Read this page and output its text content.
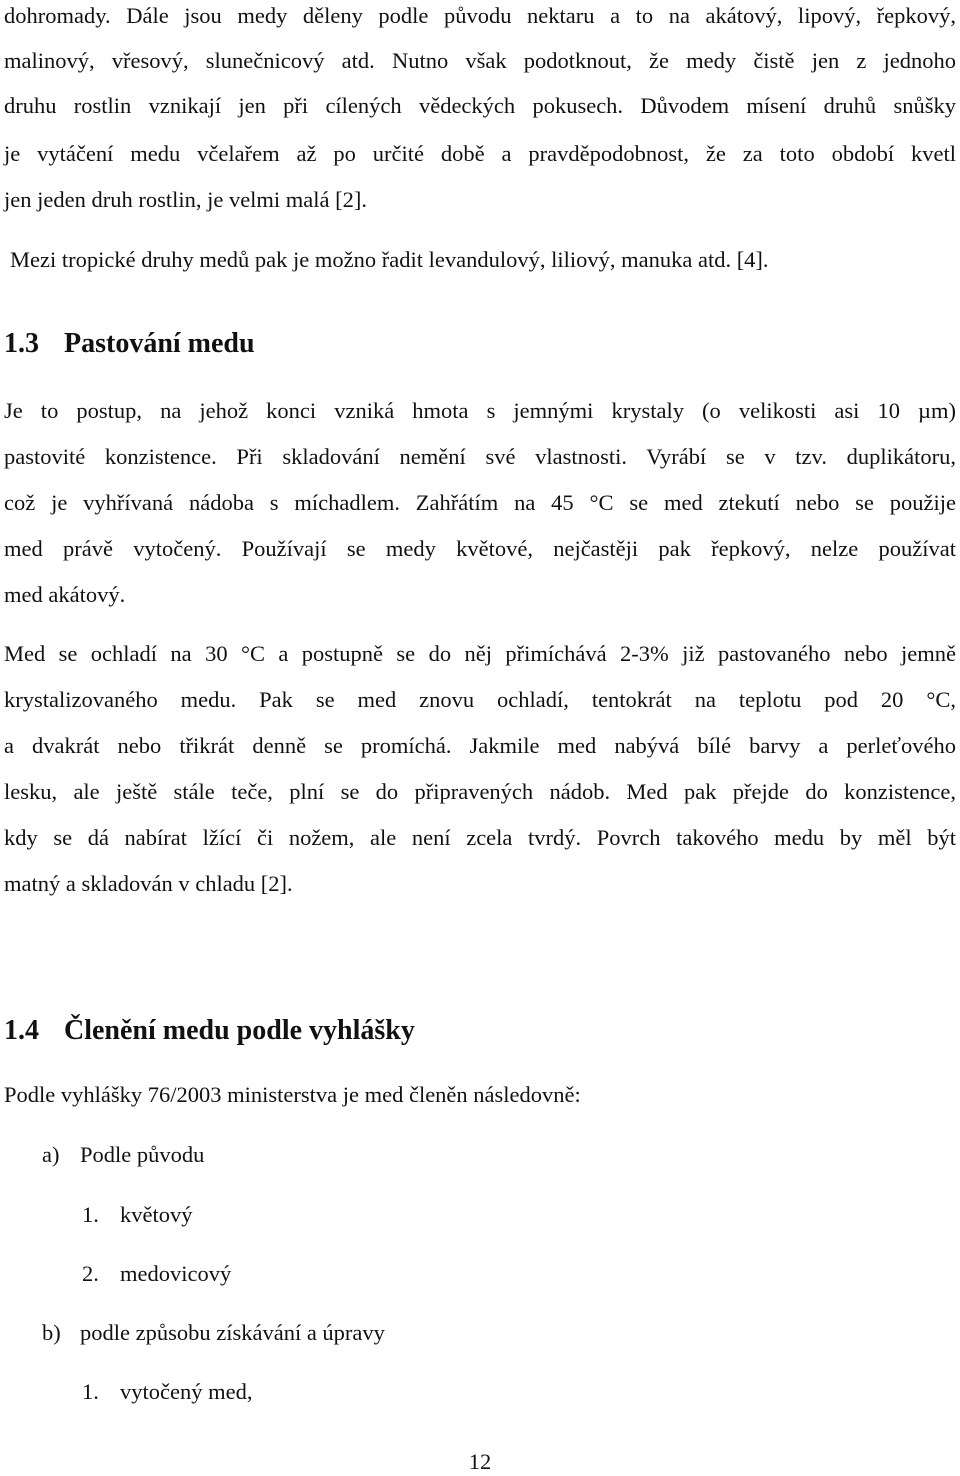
dohromady. Dále jsou medy děleny podle původu nektaru a to na akátový, lipový, řepkový,
malinový, vřesový, slunečnicový atd. Nutno však podotknout, že medy čistě jen z jednoho
druhu rostlin vznikají jen při cílených vědeckých pokusech. Důvodem mísení druhů snůšky
je vytáčení medu včelařem až po určité době a pravděpodobnost, že za toto období kvetl
jen jeden druh rostlin, je velmi malá [2].
Mezi tropické druhy medů pak je možno řadit levandulový, liliový, manuka atd. [4].
1.3 Pastování medu
Je to postup, na jehož konci vzniká hmota s jemnými krystaly (o velikosti asi 10 µm)
pastovité konzistence. Při skladování nemění své vlastnosti. Vyrábí se v tzv. duplikátoru,
což je vyhřívaná nádoba s míchadlem. Zahřátím na 45 °C se med ztekutí nebo se použije
med právě vytočený. Používají se medy květové, nejčastěji pak řepkový, nelze používat
med akátový.
Med se ochladí na 30 °C a postupně se do něj přimíchává 2-3% již pastovaného nebo jemně
krystalizovaného medu. Pak se med znovu ochladí, tentokrát na teplotu pod 20 °C,
a dvakrát nebo třikrát denně se promíchá. Jakmile med nabývá bílé barvy a perleťového
lesku, ale ještě stále teče, plní se do připravených nádob. Med pak přejde do konzistence,
kdy se dá nabírat lžící či nožem, ale není zcela tvrdý. Povrch takového medu by měl být
matný a skladován v chladu [2].
1.4 Členění medu podle vyhlášky
Podle vyhlášky 76/2003 ministerstva je med členěn následovně:
a) Podle původu
1. květový
2. medovicový
b) podle způsobu získávání a úpravy
1. vytočený med,
12
